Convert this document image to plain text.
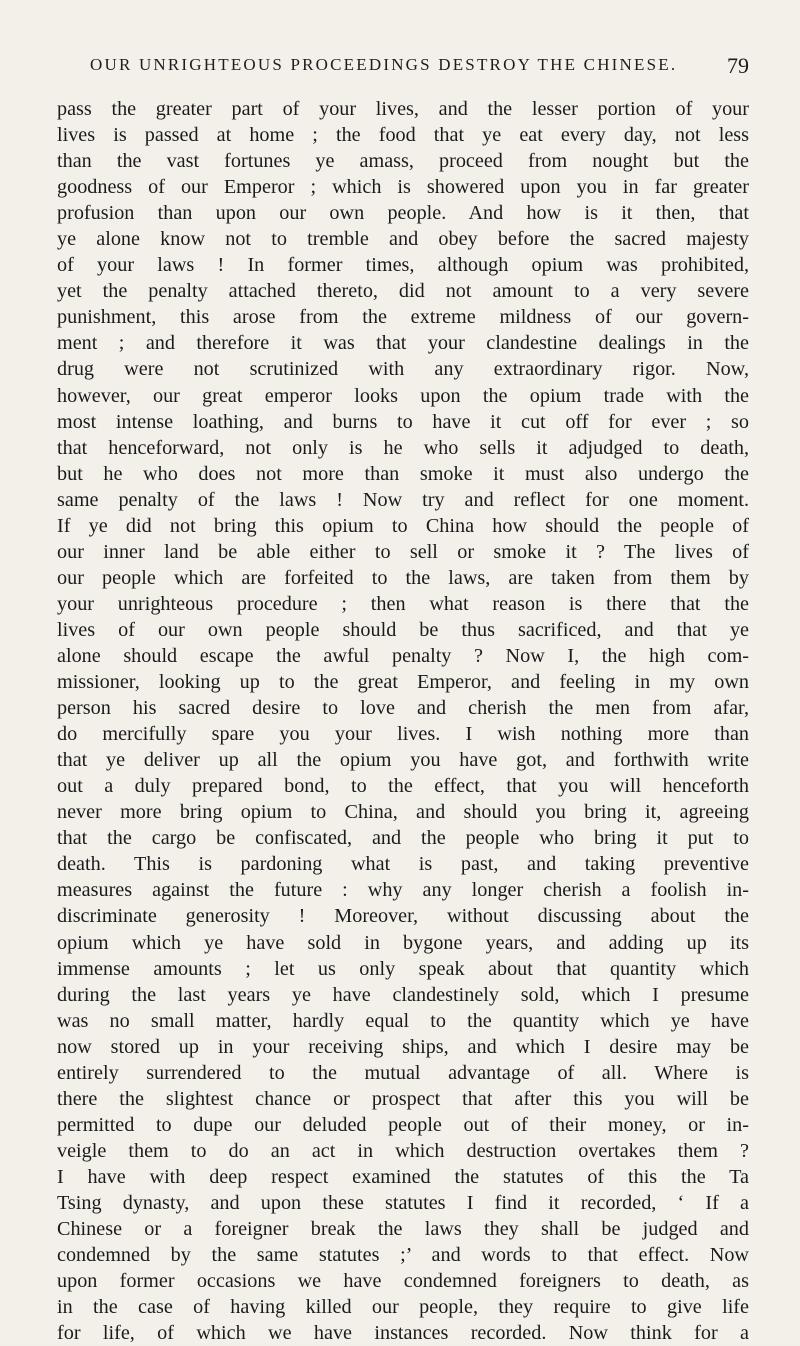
OUR UNRIGHTEOUS PROCEEDINGS DESTROY THE CHINESE. 79
pass the greater part of your lives, and the lesser portion of your
lives is passed at home ; the food that ye eat every day, not less
than the vast fortunes ye amass, proceed from nought but the
goodness of our Emperor ; which is showered upon you in far greater
profusion than upon our own people. And how is it then, that
ye alone know not to tremble and obey before the sacred majesty
of your laws ! In former times, although opium was prohibited,
yet the penalty attached thereto, did not amount to a very severe
punishment, this arose from the extreme mildness of our govern-
ment ; and therefore it was that your clandestine dealings in the
drug were not scrutinized with any extraordinary rigor. Now,
however, our great emperor looks upon the opium trade with the
most intense loathing, and burns to have it cut off for ever ; so
that henceforward, not only is he who sells it adjudged to death,
but he who does not more than smoke it must also undergo the
same penalty of the laws ! Now try and reflect for one moment.
If ye did not bring this opium to China how should the people of
our inner land be able either to sell or smoke it ? The lives of
our people which are forfeited to the laws, are taken from them by
your unrighteous procedure ; then what reason is there that the
lives of our own people should be thus sacrificed, and that ye
alone should escape the awful penalty ? Now I, the high com-
missioner, looking up to the great Emperor, and feeling in my own
person his sacred desire to love and cherish the men from afar,
do mercifully spare you your lives. I wish nothing more than
that ye deliver up all the opium you have got, and forthwith write
out a duly prepared bond, to the effect, that you will henceforth
never more bring opium to China, and should you bring it, agreeing
that the cargo be confiscated, and the people who bring it put to
death. This is pardoning what is past, and taking preventive
measures against the future : why any longer cherish a foolish in-
discriminate generosity ! Moreover, without discussing about the
opium which ye have sold in bygone years, and adding up its
immense amounts ; let us only speak about that quantity which
during the last years ye have clandestinely sold, which I presume
was no small matter, hardly equal to the quantity which ye have
now stored up in your receiving ships, and which I desire may be
entirely surrendered to the mutual advantage of all. Where is
there the slightest chance or prospect that after this you will be
permitted to dupe our deluded people out of their money, or in-
veigle them to do an act in which destruction overtakes them ?
I have with deep respect examined the statutes of this the Ta
Tsing dynasty, and upon these statutes I find it recorded, ‘ If a
Chinese or a foreigner break the laws they shall be judged and
condemned by the same statutes ;’ and words to that effect. Now
upon former occasions we have condemned foreigners to death, as
in the case of having killed our people, they require to give life
for life, of which we have instances recorded. Now think for a
